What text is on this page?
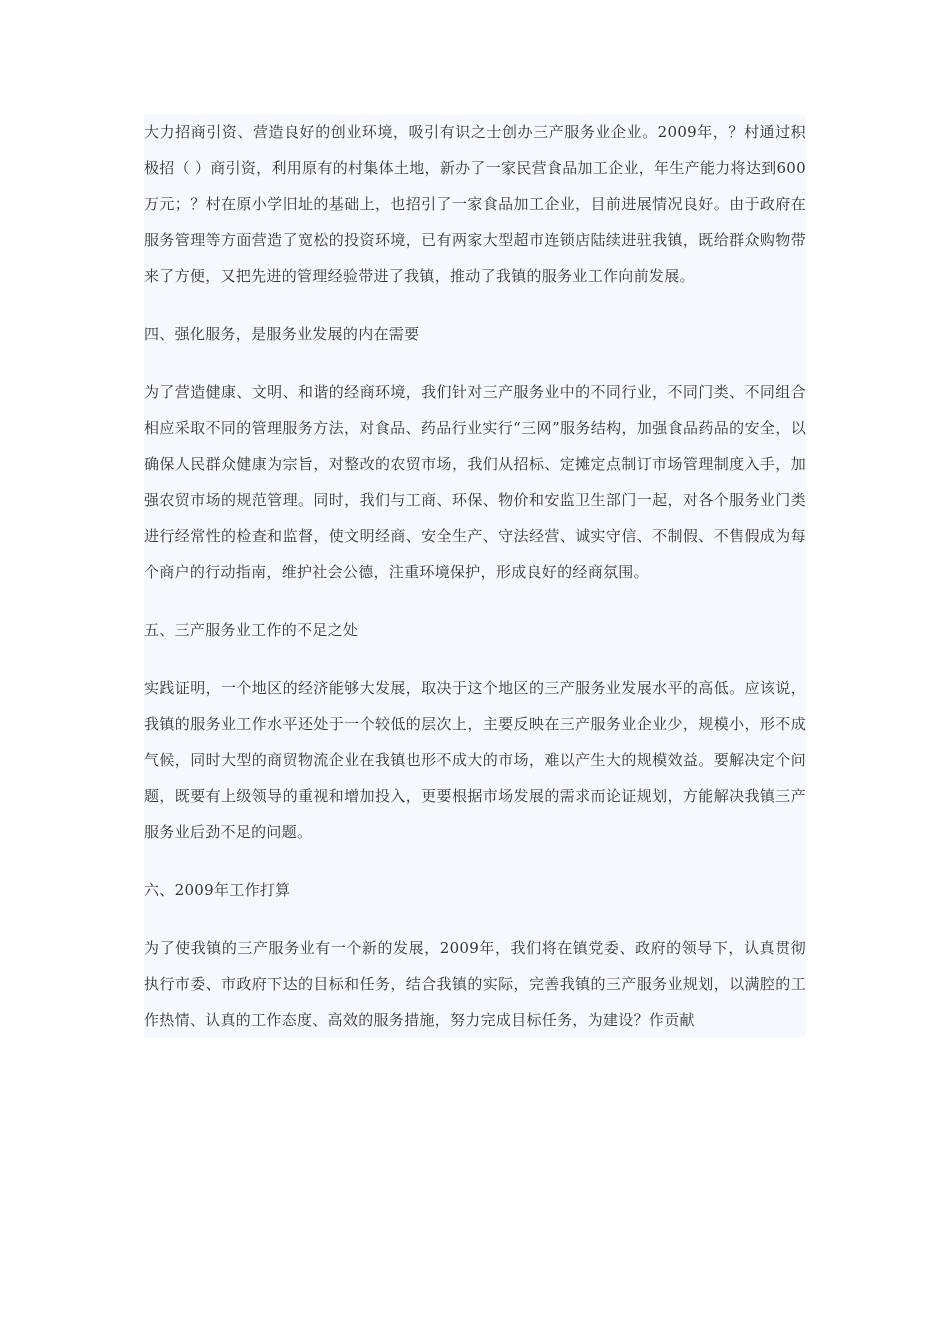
大力招商引资、营造良好的创业环境，吸引有识之士创办三产服务业企业。2009年，？村通过积极招（ ）商引资，利用原有的村集体土地，新办了一家民营食品加工企业，年生产能力将达到600万元；？村在原小学旧址的基础上，也招引了一家食品加工企业，目前进展情况良好。由于政府在服务管理等方面营造了宽松的投资环境，已有两家大型超市连锁店陆续进驻我镇，既给群众购物带来了方便，又把先进的管理经验带进了我镇，推动了我镇的服务业工作向前发展。

四、强化服务，是服务业发展的内在需要

为了营造健康、文明、和谐的经商环境，我们针对三产服务业中的不同行业，不同门类、不同组合相应采取不同的管理服务方法，对食品、药品行业实行“三网”服务结构，加强食品药品的安全，以确保人民群众健康为宗旨，对整改的农贸市场，我们从招标、定摊定点制订市场管理制度入手，加强农贸市场的规范管理。同时，我们与工商、环保、物价和安监卫生部门一起，对各个服务业门类进行经常性的检查和监督，使文明经商、安全生产、守法经营、诚实守信、不制假、不售假成为每个商户的行动指南，维护社会公德，注重环境保护，形成良好的经商氛围。

五、三产服务业工作的不足之处

实践证明，一个地区的经济能够大发展，取决于这个地区的三产服务业发展水平的高低。应该说，我镇的服务业工作水平还处于一个较低的层次上，主要反映在三产服务业企业少，规模小，形不成气候，同时大型的商贸物流企业在我镇也形不成大的市场，难以产生大的规模效益。要解决定个问题，既要有上级领导的重视和增加投入，更要根据市场发展的需求而论证规划，方能解决我镇三产服务业后劲不足的问题。

六、2009年工作打算

为了使我镇的三产服务业有一个新的发展，2009年，我们将在镇党委、政府的领导下，认真贯彻执行市委、市政府下达的目标和任务，结合我镇的实际，完善我镇的三产服务业规划，以满腔的工作热情、认真的工作态度、高效的服务措施，努力完成目标任务，为建设？作贡献
